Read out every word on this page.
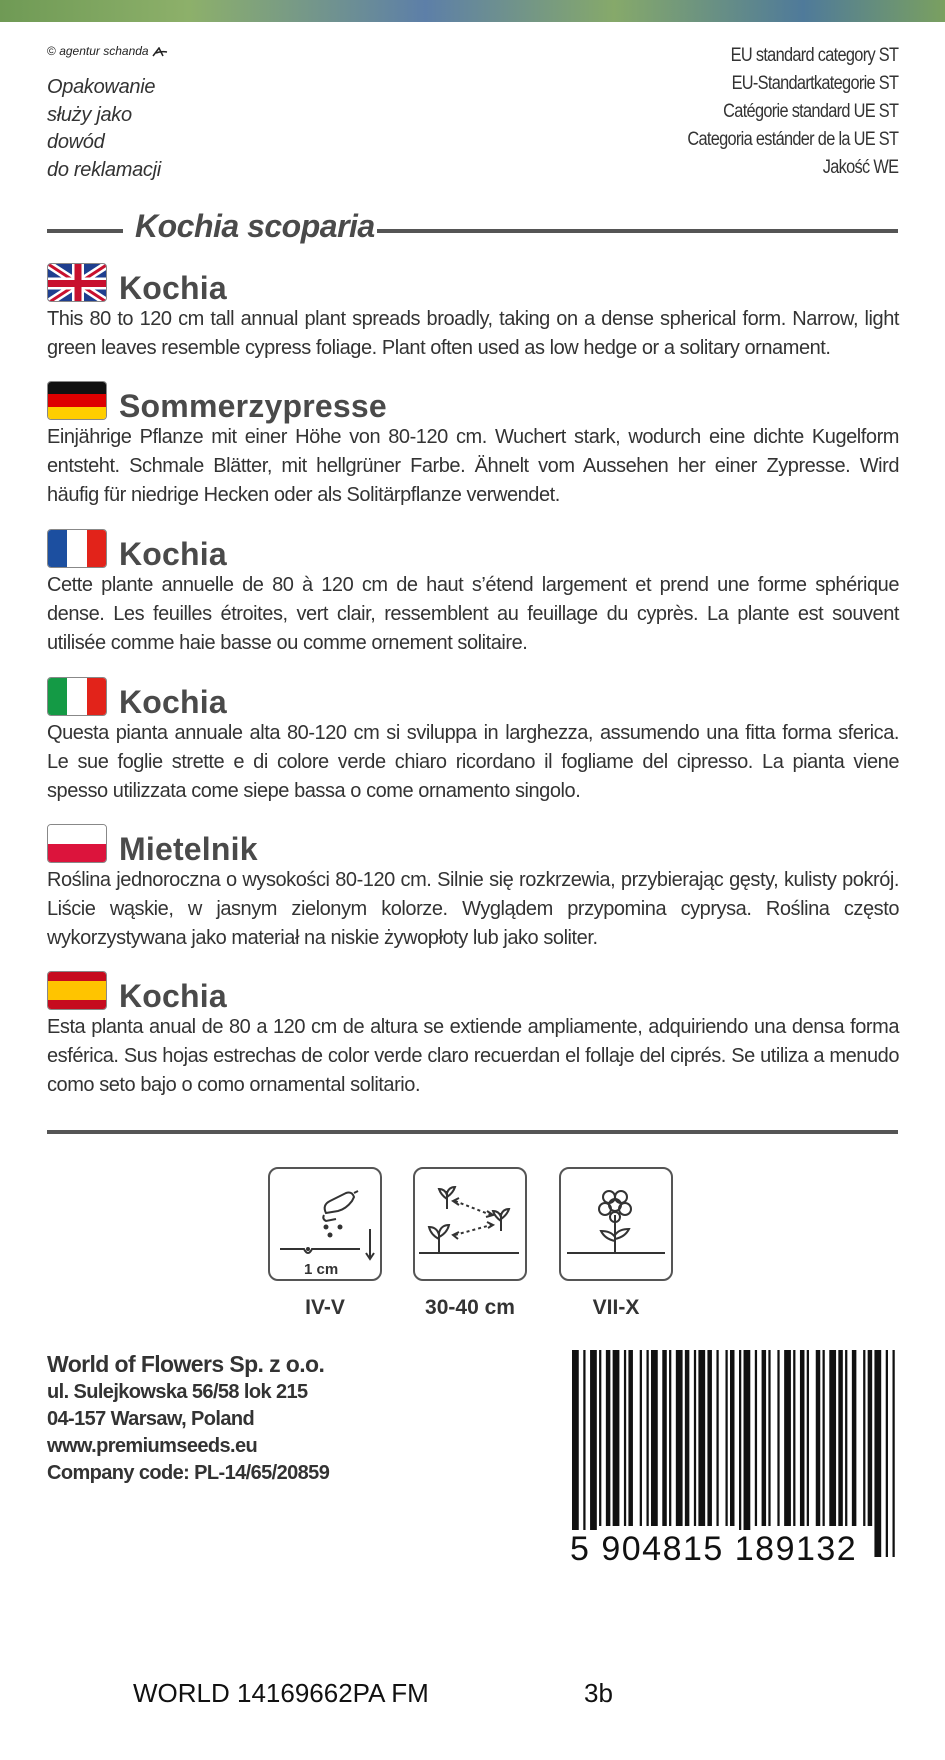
© agentur schanda
Opakowanie
służy jako
dowód
do reklamacji
EU standard category ST
EU-Standartkategorie ST
Catégorie standard UE ST
Categoria estánder de la UE ST
Jakość WE
Kochia scoparia
Kochia
This 80 to 120 cm tall annual plant spreads broadly, taking on a dense spherical form. Narrow, light green leaves resemble cypress foliage. Plant often used as low hedge or a solitary ornament.
Sommerzypresse
Einjährige Pflanze mit einer Höhe von 80-120 cm. Wuchert stark, wodurch eine dichte Kugelform entsteht. Schmale Blätter, mit hellgrüner Farbe. Ähnelt vom Aussehen her einer Zypresse. Wird häufig für niedrige Hecken oder als Solitärpflanze verwendet.
Kochia
Cette plante annuelle de 80 à 120 cm de haut s’étend largement et prend une forme sphérique dense. Les feuilles étroites, vert clair, ressemblent au feuillage du cyprès. La plante est souvent utilisée comme haie basse ou comme ornement solitaire.
Kochia
Questa pianta annuale alta 80-120 cm si sviluppa in larghezza, assumendo una fitta forma sferica. Le sue foglie strette e di colore verde chiaro ricordano il fogliame del cipresso. La pianta viene spesso utilizzata come siepe bassa o come ornamento singolo.
Mietelnik
Roślina jednoroczna o wysokości 80-120 cm. Silnie się rozkrzewia, przybierając gęsty, kulisty pokrój. Liście wąskie, w jasnym zielonym kolorze. Wyglądem przypomina cyprysa. Roślina często wykorzystywana jako materiał na niskie żywopłoty lub jako soliter.
Kochia
Esta planta anual de 80 a 120 cm de altura se extiende ampliamente, adquiriendo una densa forma esférica. Sus hojas estrechas de color verde claro recuerdan el follaje del ciprés. Se utiliza a menudo como seto bajo o como ornamental solitario.
1 cm
IV-V	30-40 cm	VII-X
World of Flowers Sp. z o.o.
ul. Sulejkowska 56/58 lok 215
04-157 Warsaw, Poland
www.premiumseeds.eu
Company code: PL-14/65/20859
5 904815 189132
WORLD 14169662PA FM	3b
